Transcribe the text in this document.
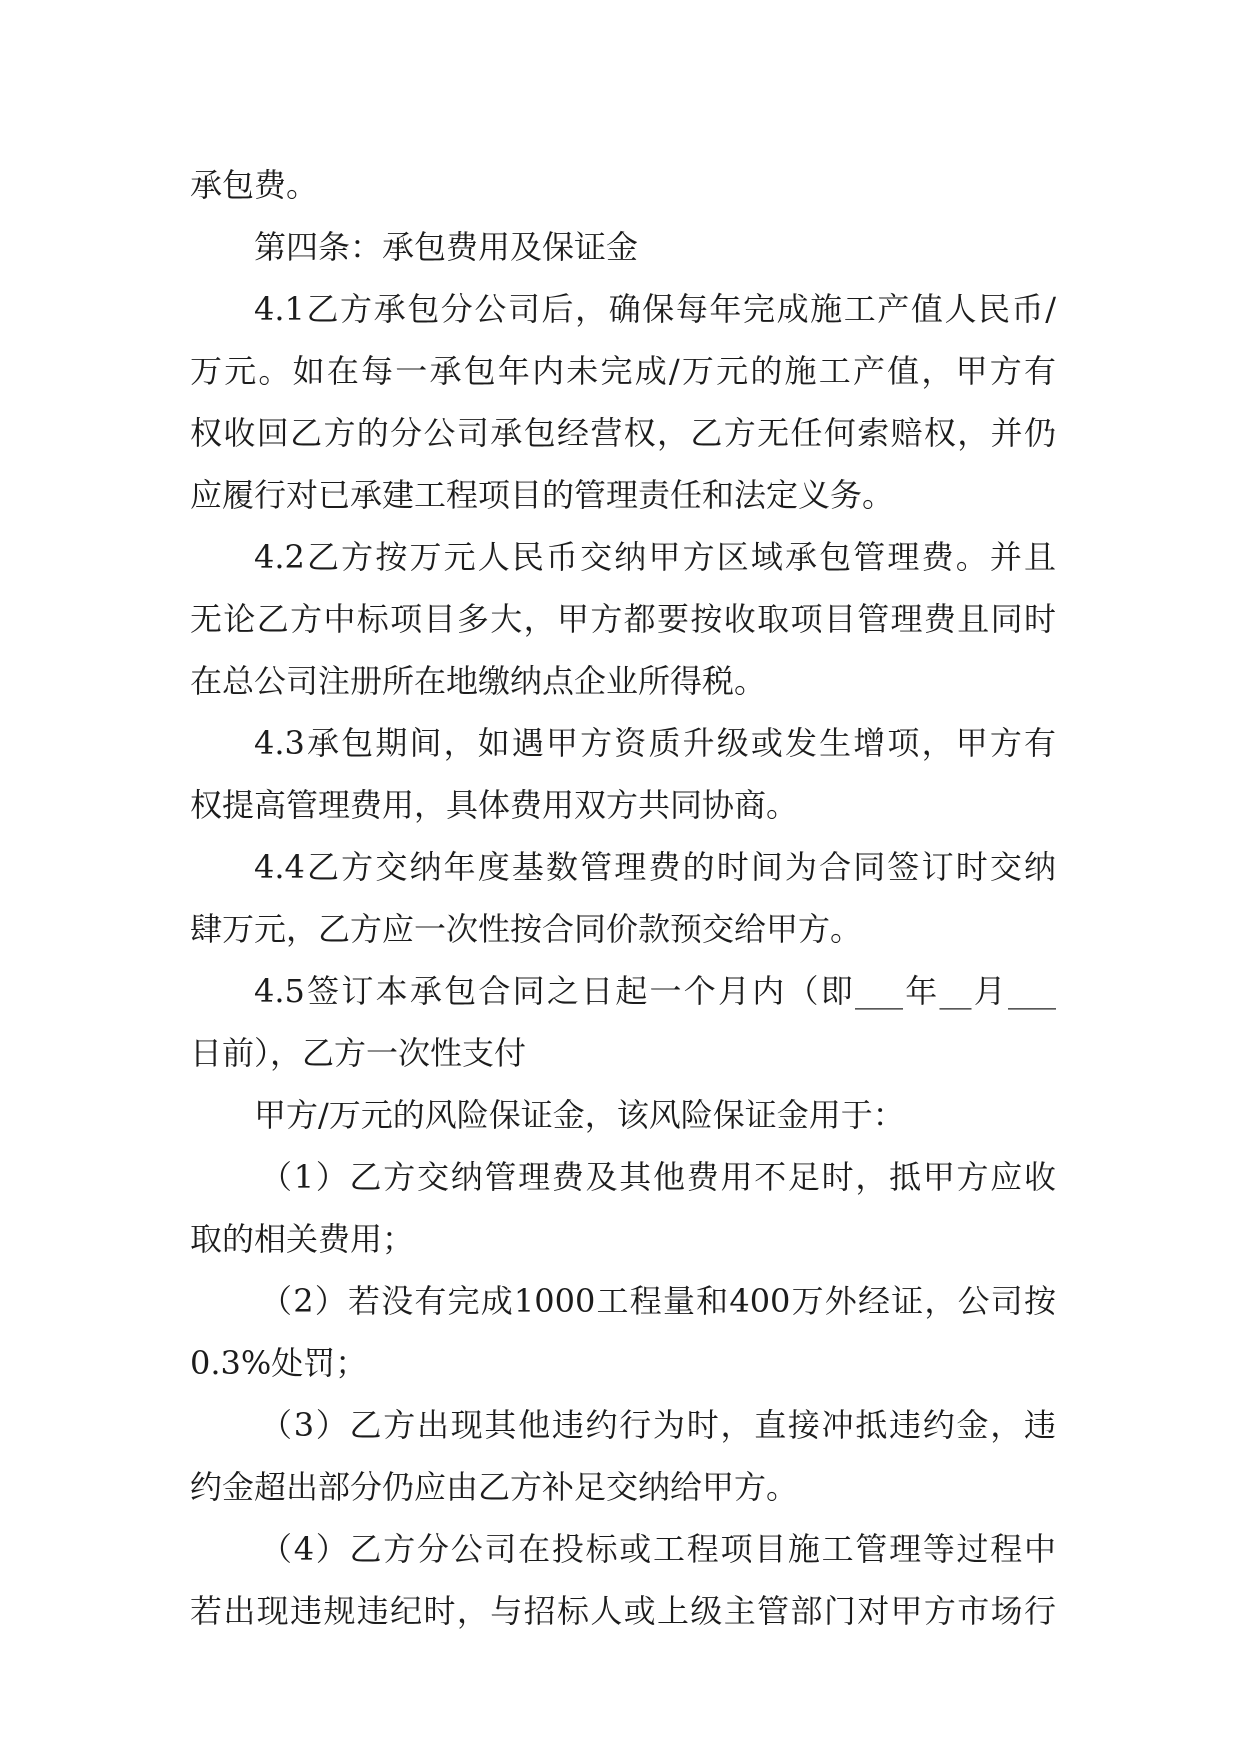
承包费。
第四条：承包费用及保证金
4.1乙方承包分公司后，确保每年完成施工产值人民币/
万元。如在每一承包年内未完成/万元的施工产值，甲方有
权收回乙方的分公司承包经营权，乙方无任何索赔权，并仍
应履行对已承建工程项目的管理责任和法定义务。
4.2乙方按万元人民币交纳甲方区域承包管理费。并且
无论乙方中标项目多大，甲方都要按收取项目管理费且同时
在总公司注册所在地缴纳点企业所得税。
4.3承包期间，如遇甲方资质升级或发生增项，甲方有
权提高管理费用，具体费用双方共同协商。
4.4乙方交纳年度基数管理费的时间为合同签订时交纳
肆万元，乙方应一次性按合同价款预交给甲方。
4.5签订本承包合同之日起一个月内（即___年__月___
日前），乙方一次性支付
甲方/万元的风险保证金，该风险保证金用于：
（1）乙方交纳管理费及其他费用不足时，抵甲方应收
取的相关费用；
（2）若没有完成1000工程量和400万外经证，公司按
0.3%处罚；
（3）乙方出现其他违约行为时，直接冲抵违约金，违
约金超出部分仍应由乙方补足交纳给甲方。
（4）乙方分公司在投标或工程项目施工管理等过程中
若出现违规违纪时，与招标人或上级主管部门对甲方市场行
